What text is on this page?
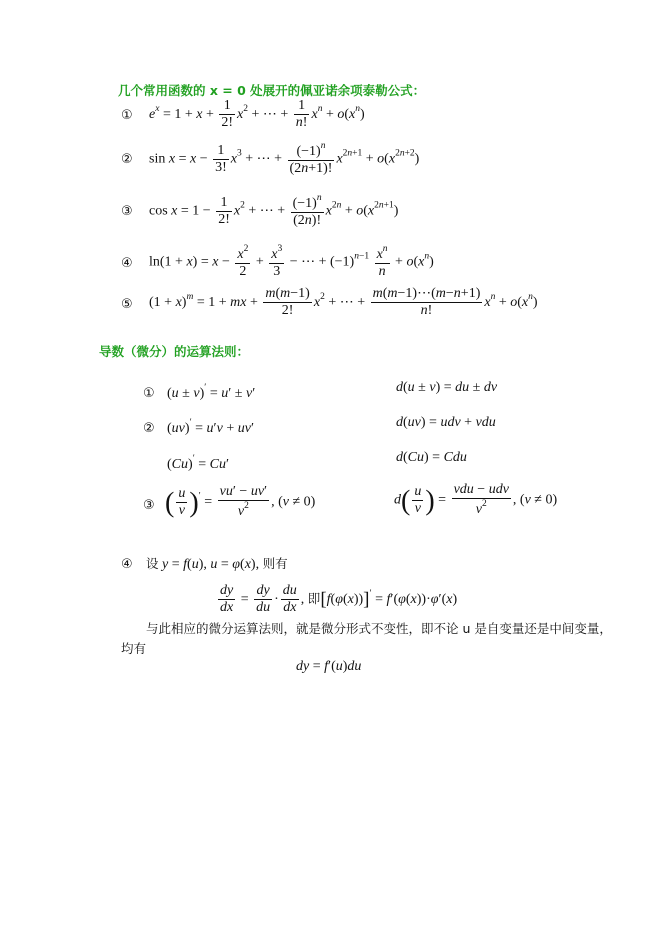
几个常用函数的 x = 0 处展开的佩亚诺余项泰勒公式：
① $e^x = 1 + x + \frac{1}{2!} x^2$ + ⋯ + $\frac{1}{n!} x^n + o(x^n)$
② $\sin x = x - \frac{1}{3!} x^3$ + ⋯ + $\frac{(-1)^n}{(2n+1)!} x^{2n+1} + o(x^{2n+2})$
③ $\cos x = 1 - \frac{1}{2!} x^2$ + ⋯ + $\frac{(-1)^n}{(2n)!} x^{2n} + o(x^{2n+1})$
④ $\ln(1 + x) = x - \frac{x^2}{2} + \frac{x^3}{3}$ − ⋯ + $(-1)^{n-1} \frac{x^n}{n} + o(x^n)$
⑤ $(1 + x)^m = 1$ + mx + $\frac{m(m-1)}{2!} x^2$ + ⋯ + $\frac{m(m-1)\cdots(m-n+1)}{n!} x^n + o(x^n)$
导数（微分）的运算法则：
① (u ± v)′ = u′ ± v′	d(u ± v) = du ± dv
② (uv)′ = u′v + uv′	d(uv) = udv + vdu
(Cu)′ = Cu′	d(Cu) = Cdu
③ ( $\frac{u}{v} )' = \frac{vu' - uv'}{v^2}$ , (v ≠ 0)	$d( \frac{u}{v}$ ) = $\frac{\text{vdu − udv}}{v^2}$ , (v ≠ 0)
④ 设 y = f(u), u = φ(x), 则有
$\frac{dy}{dx} = \frac{dy}{du} \cdot \frac{du}{dx}$ , 即[f(φ(x))]′ = f′(φ(x))·φ′(x)
与此相应的微分运算法则，就是微分形式不变性，即不论 u 是自变量还是中间变量，
均有
dy = f′(u)du
